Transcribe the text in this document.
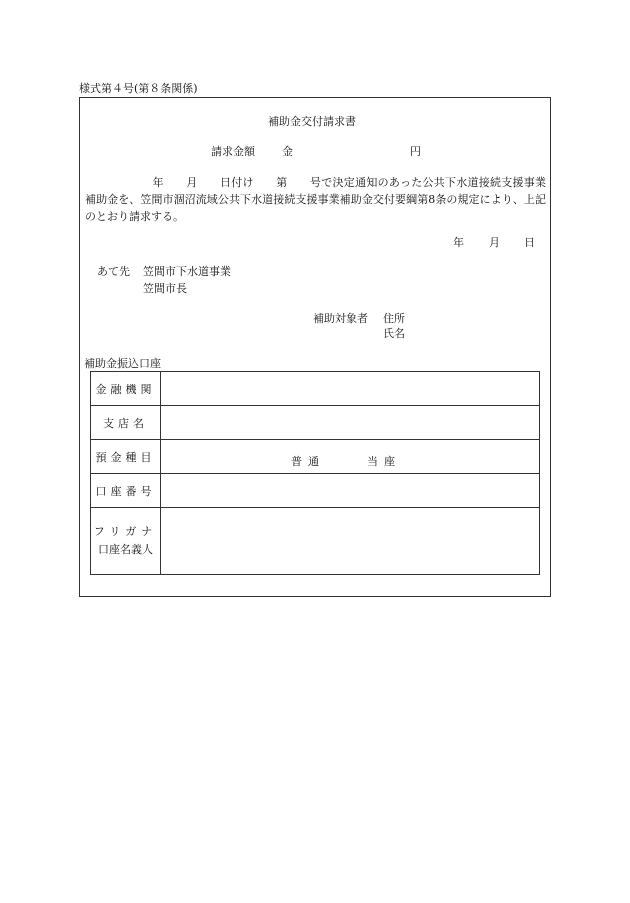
様式第４号(第８条関係)
補助金交付請求書
請求金額 金	円
　　　　　　年　　月　　日付け　　第　　号で決定通知のあった公共下水道接続支援事業補助金を、笠間市涸沼流域公共下水道接続支援事業補助金交付要綱第8条の規定により、上記のとおり請求する。
年 月 日
あて先 笠間市下水道事業
笠間市長
補助対象者 住所
氏名
補助金振込口座
金融機関	
支店名	
預金種目	普通 当座

口座番号	

フリガナ
口座名義人	
